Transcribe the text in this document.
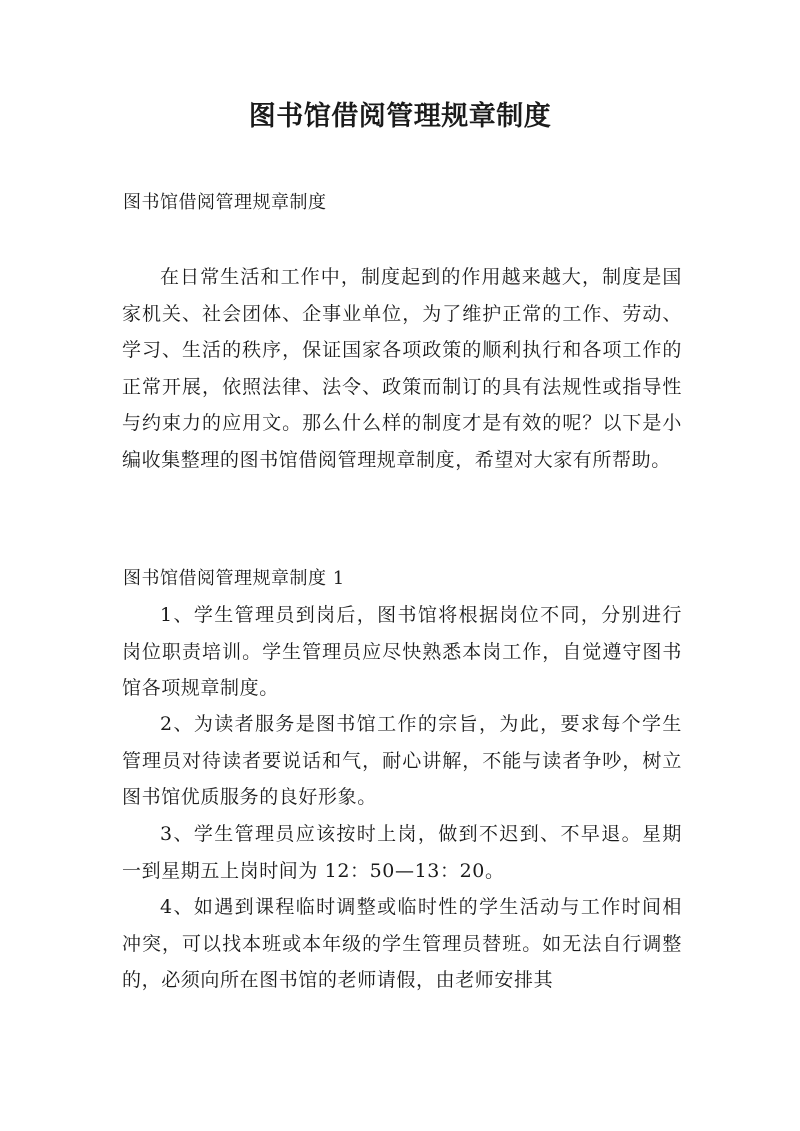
图书馆借阅管理规章制度

图书馆借阅管理规章制度

在日常生活和工作中，制度起到的作用越来越大，制度是国家机关、社会团体、企事业单位，为了维护正常的工作、劳动、学习、生活的秩序，保证国家各项政策的顺利执行和各项工作的正常开展，依照法律、法令、政策而制订的具有法规性或指导性与约束力的应用文。那么什么样的制度才是有效的呢？以下是小编收集整理的图书馆借阅管理规章制度，希望对大家有所帮助。

图书馆借阅管理规章制度 1

1、学生管理员到岗后，图书馆将根据岗位不同，分别进行岗位职责培训。学生管理员应尽快熟悉本岗工作，自觉遵守图书馆各项规章制度。

2、为读者服务是图书馆工作的宗旨，为此，要求每个学生管理员对待读者要说话和气，耐心讲解，不能与读者争吵，树立图书馆优质服务的良好形象。

3、学生管理员应该按时上岗，做到不迟到、不早退。星期一到星期五上岗时间为 12：50—13：20。

4、如遇到课程临时调整或临时性的学生活动与工作时间相冲突，可以找本班或本年级的学生管理员替班。如无法自行调整的，必须向所在图书馆的老师请假，由老师安排其
